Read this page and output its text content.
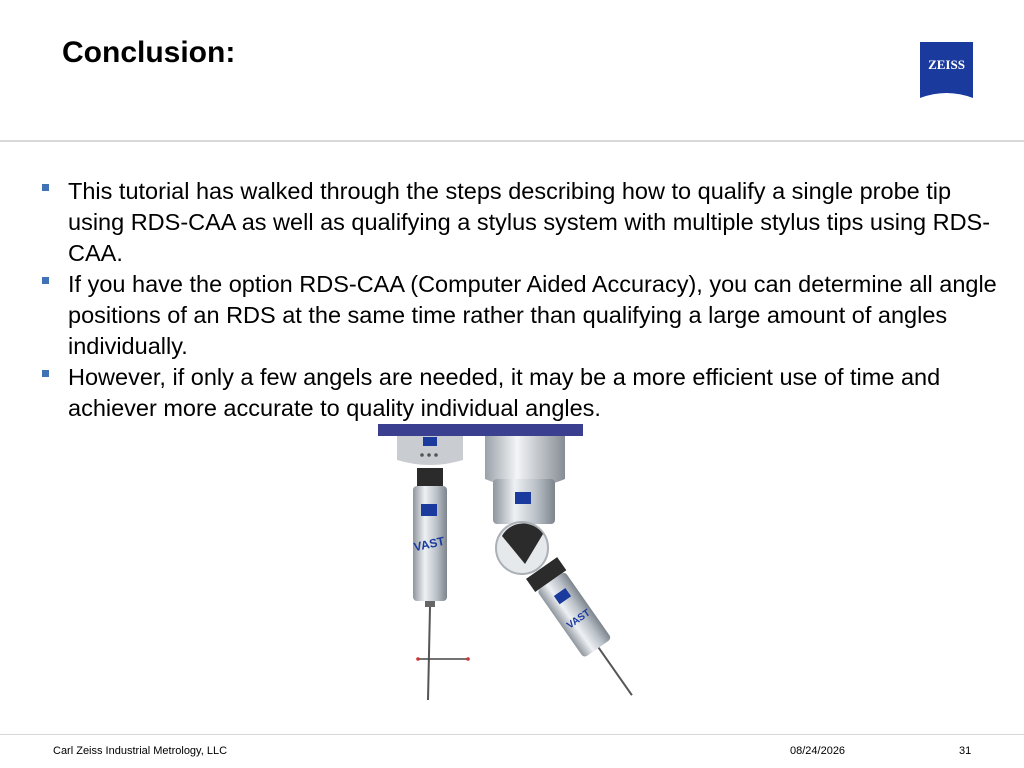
Conclusion:	ZEISS
This tutorial has walked through the steps describing how to qualify a single probe tip using RDS-CAA as well as qualifying a stylus system with multiple stylus tips using RDS-CAA.
If you have the option RDS-CAA (Computer Aided Accuracy), you can determine all angle positions of an RDS at the same time rather than qualifying a large amount of angles individually.
However, if only a few angels are needed, it may be a more efficient use of time and achiever more accurate to quality individual angles.
VAST
VAST
Carl Zeiss Industrial Metrology, LLC	08/24/2026	31
